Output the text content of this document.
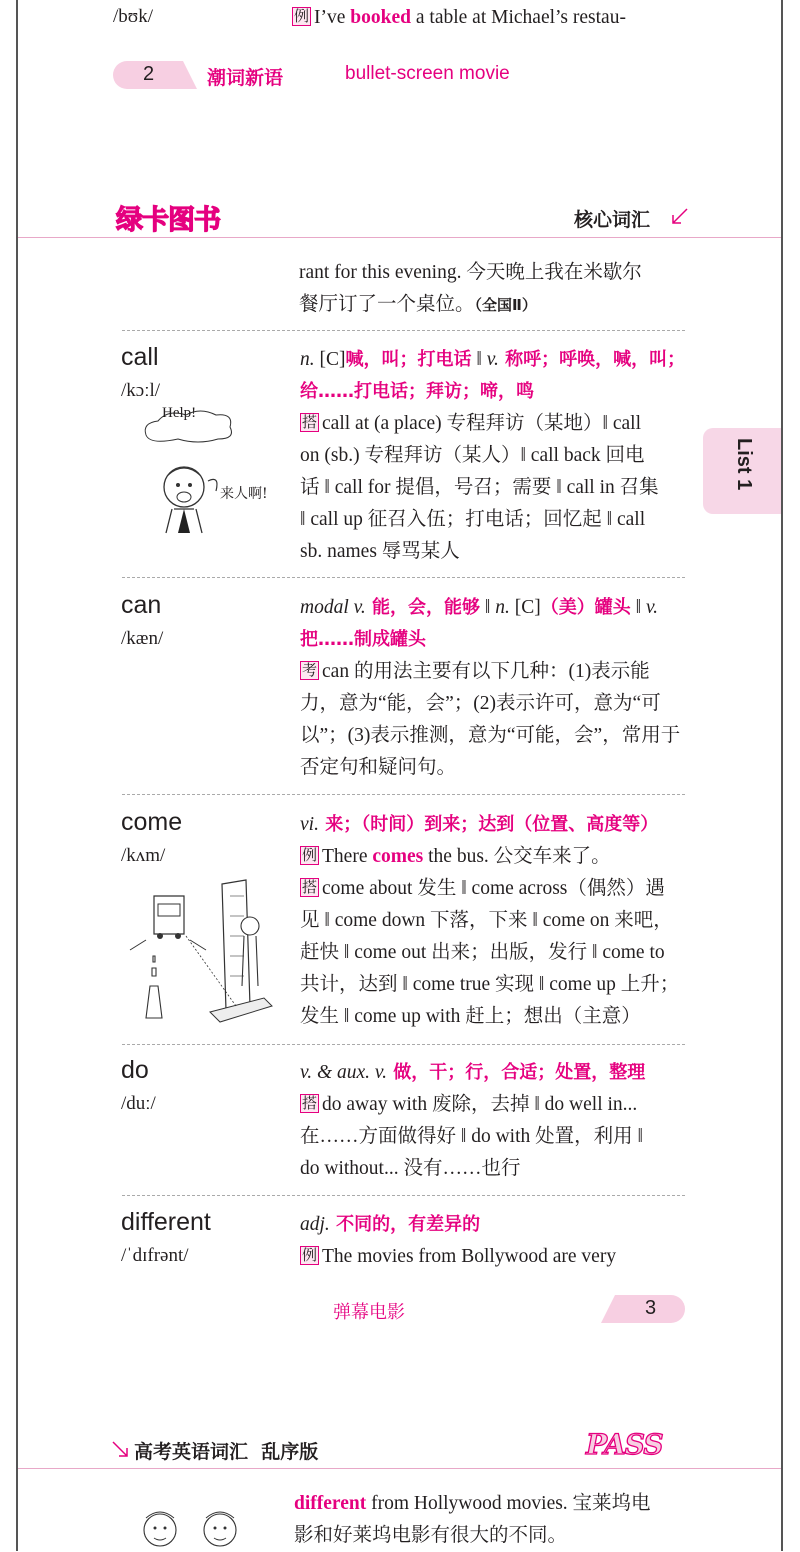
/bʊk/	例 I’ve booked a table at Michael’s restau-
2	潮词新语	bullet-screen movie
绿卡图书	核心词汇
rant for this evening. 今天晚上我在米歇尔
餐厅订了一个桌位。（全国Ⅱ）
List 1
call
/kɔːl/
n. [C]喊，叫；打电话 ‖ v. 称呼；呼唤，喊，叫；
给……打电话；拜访；啼，鸣
搭 call at (a place) 专程拜访（某地）‖ call
on (sb.) 专程拜访（某人）‖ call back 回电
话 ‖ call for 提倡，号召；需要 ‖ call in 召集
‖ call up 征召入伍；打电话；回忆起 ‖ call
sb. names 辱骂某人
Help!
来人啊!
can
/kæn/
modal v. 能，会，能够 ‖ n. [C]（美）罐头 ‖ v.
把……制成罐头
考 can 的用法主要有以下几种：(1)表示能
力，意为“能，会”；(2)表示许可，意为“可
以”；(3)表示推测，意为“可能，会”，常用于
否定句和疑问句。
come
/kʌm/
vi. 来；（时间）到来；达到（位置、高度等）
例 There comes the bus. 公交车来了。
搭 come about 发生 ‖ come across（偶然）遇
见 ‖ come down 下落，下来 ‖ come on 来吧，
赶快 ‖ come out 出来；出版，发行 ‖ come to
共计，达到 ‖ come true 实现 ‖ come up 上升；
发生 ‖ come up with 赶上；想出（主意）
do
/duː/
v. & aux. v. 做，干；行，合适；处置，整理
搭 do away with 废除，去掉 ‖ do well in...
在……方面做得好 ‖ do with 处置，利用 ‖
do without... 没有……也行
different
/ˈdɪfrənt/
adj. 不同的，有差异的
例 The movies from Bollywood are very
弹幕电影	3
高考英语词汇  乱序版	PASS
different from Hollywood movies. 宝莱坞电
影和好莱坞电影有很大的不同。
